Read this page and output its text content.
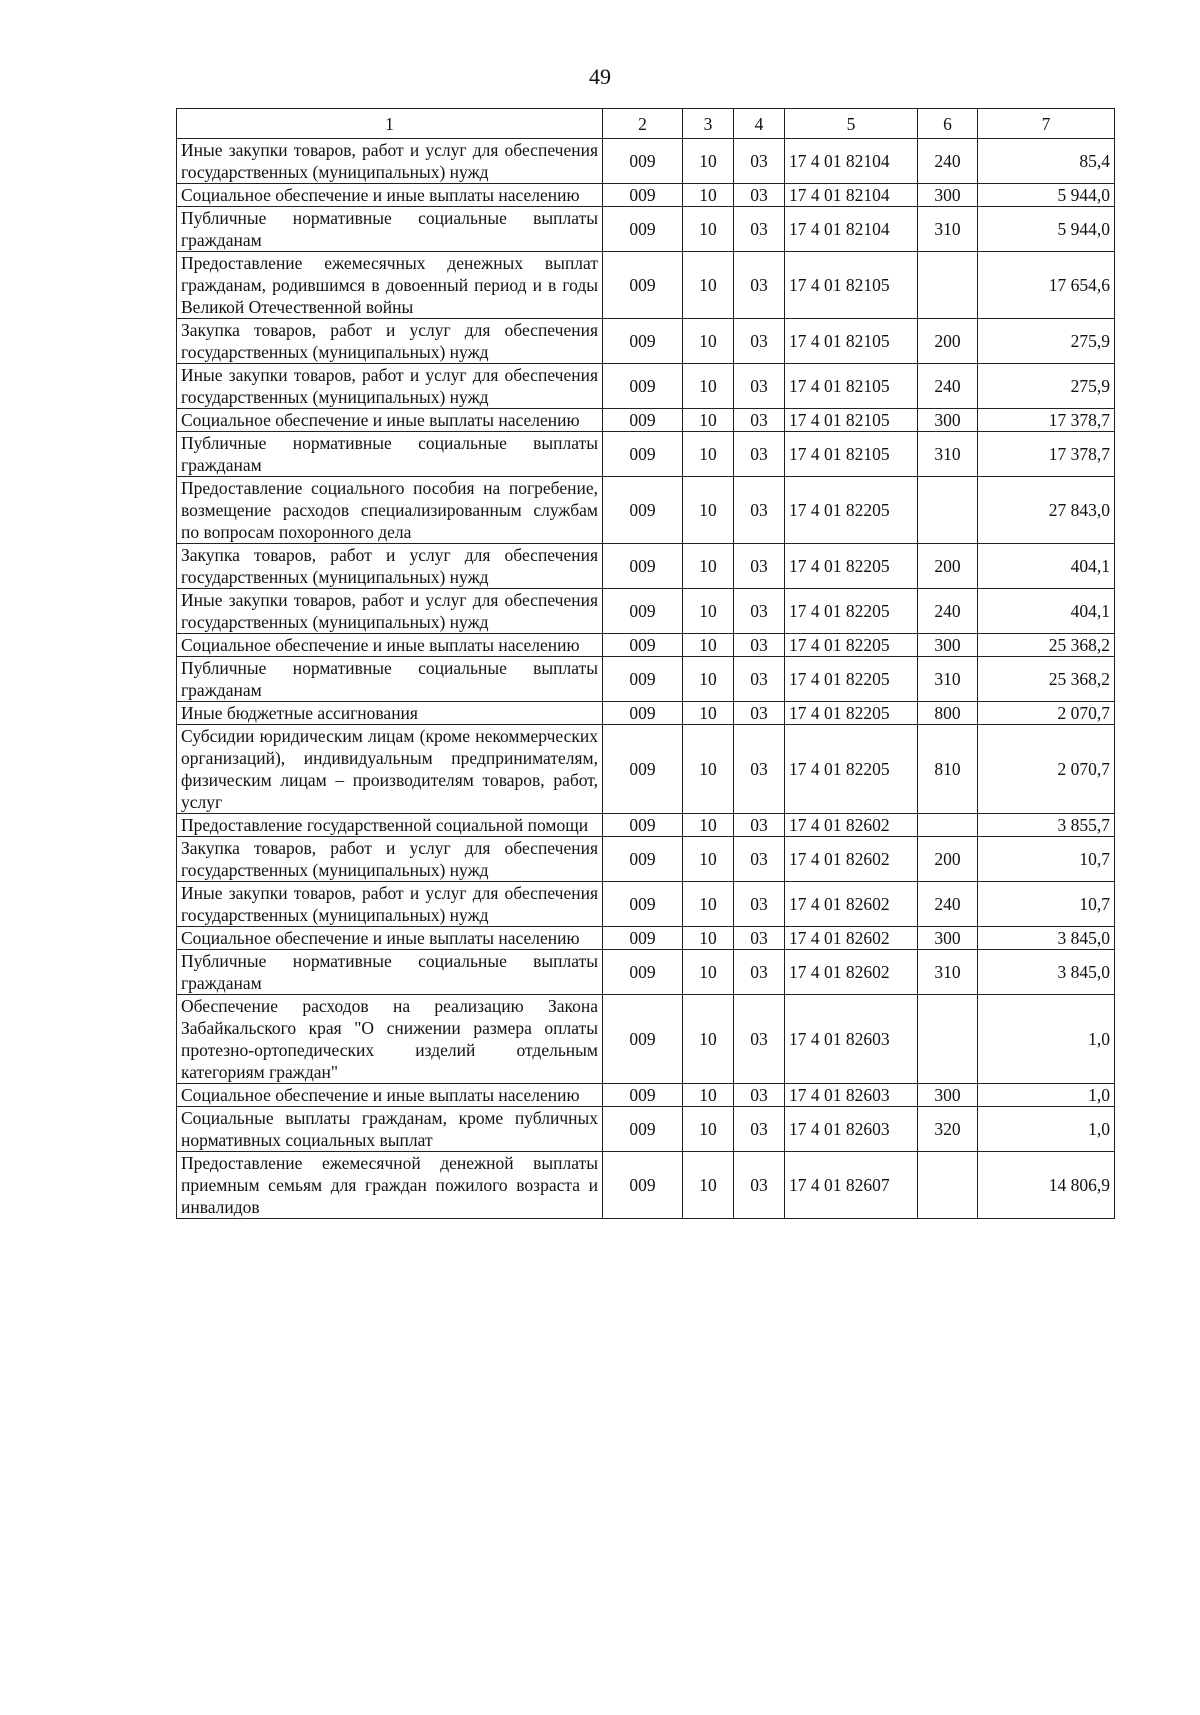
49
1	2	3	4	5	6	7
Иные закупки товаров, работ и услуг для обеспечения государственных (муниципальных) нужд	009	10	03	17 4 01 82104	240	85,4
Социальное обеспечение и иные выплаты населению	009	10	03	17 4 01 82104	300	5 944,0
Публичные нормативные социальные выплаты гражданам	009	10	03	17 4 01 82104	310	5 944,0
Предоставление ежемесячных денежных выплат гражданам, родившимся в довоенный период и в годы Великой Отечественной войны	009	10	03	17 4 01 82105		17 654,6
Закупка товаров, работ и услуг для обеспечения государственных (муниципальных) нужд	009	10	03	17 4 01 82105	200	275,9
Иные закупки товаров, работ и услуг для обеспечения государственных (муниципальных) нужд	009	10	03	17 4 01 82105	240	275,9
Социальное обеспечение и иные выплаты населению	009	10	03	17 4 01 82105	300	17 378,7
Публичные нормативные социальные выплаты гражданам	009	10	03	17 4 01 82105	310	17 378,7
Предоставление социального пособия на погребение, возмещение расходов специализированным службам по вопросам похоронного дела	009	10	03	17 4 01 82205		27 843,0
Закупка товаров, работ и услуг для обеспечения государственных (муниципальных) нужд	009	10	03	17 4 01 82205	200	404,1
Иные закупки товаров, работ и услуг для обеспечения государственных (муниципальных) нужд	009	10	03	17 4 01 82205	240	404,1
Социальное обеспечение и иные выплаты населению	009	10	03	17 4 01 82205	300	25 368,2
Публичные нормативные социальные выплаты гражданам	009	10	03	17 4 01 82205	310	25 368,2
Иные бюджетные ассигнования	009	10	03	17 4 01 82205	800	2 070,7
Субсидии юридическим лицам (кроме некоммерческих организаций), индивидуальным предпринимателям, физическим лицам – производителям товаров, работ, услуг	009	10	03	17 4 01 82205	810	2 070,7
Предоставление государственной социальной помощи	009	10	03	17 4 01 82602		3 855,7
Закупка товаров, работ и услуг для обеспечения государственных (муниципальных) нужд	009	10	03	17 4 01 82602	200	10,7
Иные закупки товаров, работ и услуг для обеспечения государственных (муниципальных) нужд	009	10	03	17 4 01 82602	240	10,7
Социальное обеспечение и иные выплаты населению	009	10	03	17 4 01 82602	300	3 845,0
Публичные нормативные социальные выплаты гражданам	009	10	03	17 4 01 82602	310	3 845,0
Обеспечение расходов на реализацию Закона Забайкальского края "О снижении размера оплаты протезно-ортопедических изделий отдельным категориям граждан"	009	10	03	17 4 01 82603		1,0
Социальное обеспечение и иные выплаты населению	009	10	03	17 4 01 82603	300	1,0
Социальные выплаты гражданам, кроме публичных нормативных социальных выплат	009	10	03	17 4 01 82603	320	1,0
Предоставление ежемесячной денежной выплаты приемным семьям для граждан пожилого возраста и инвалидов	009	10	03	17 4 01 82607		14 806,9
